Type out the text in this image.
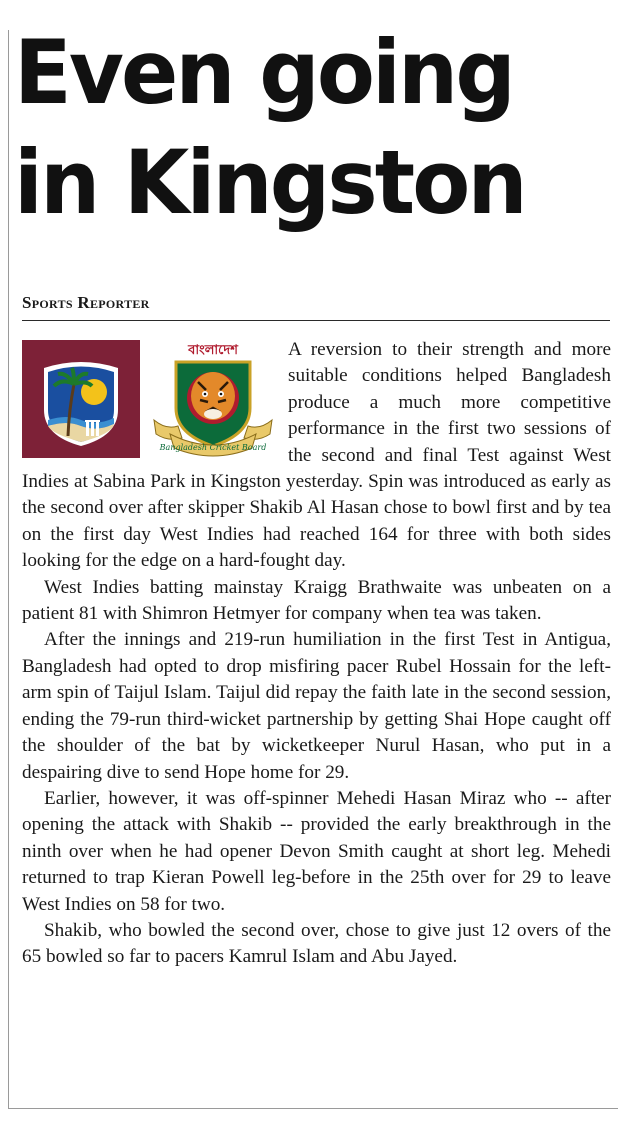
Even going
in Kingston
Sports Reporter
বাংলাদেশ
Bangladesh Cricket Board

A reversion to their strength and more suitable conditions helped Bangladesh produce a much more competitive performance in the first two sessions of the second and final Test against West Indies at Sabina Park in Kingston yesterday. Spin was introduced as early as the second over after skipper Shakib Al Hasan chose to bowl first and by tea on the first day West Indies had reached 164 for three with both sides looking for the edge on a hard-fought day.

West Indies batting mainstay Kraigg Brathwaite was unbeaten on a patient 81 with Shimron Hetmyer for company when tea was taken.

After the innings and 219-run humiliation in the first Test in Antigua, Bangladesh had opted to drop misfiring pacer Rubel Hossain for the left-arm spin of Taijul Islam. Taijul did repay the faith late in the second session, ending the 79-run third-wicket partnership by getting Shai Hope caught off the shoulder of the bat by wicketkeeper Nurul Hasan, who put in a despairing dive to send Hope home for 29.

Earlier, however, it was off-spinner Mehedi Hasan Miraz who -- after opening the attack with Shakib -- provided the early breakthrough in the ninth over when he had opener Devon Smith caught at short leg. Mehedi returned to trap Kieran Powell leg-before in the 25th over for 29 to leave West Indies on 58 for two.

Shakib, who bowled the second over, chose to give just 12 overs of the 65 bowled so far to pacers Kamrul Islam and Abu Jayed.
